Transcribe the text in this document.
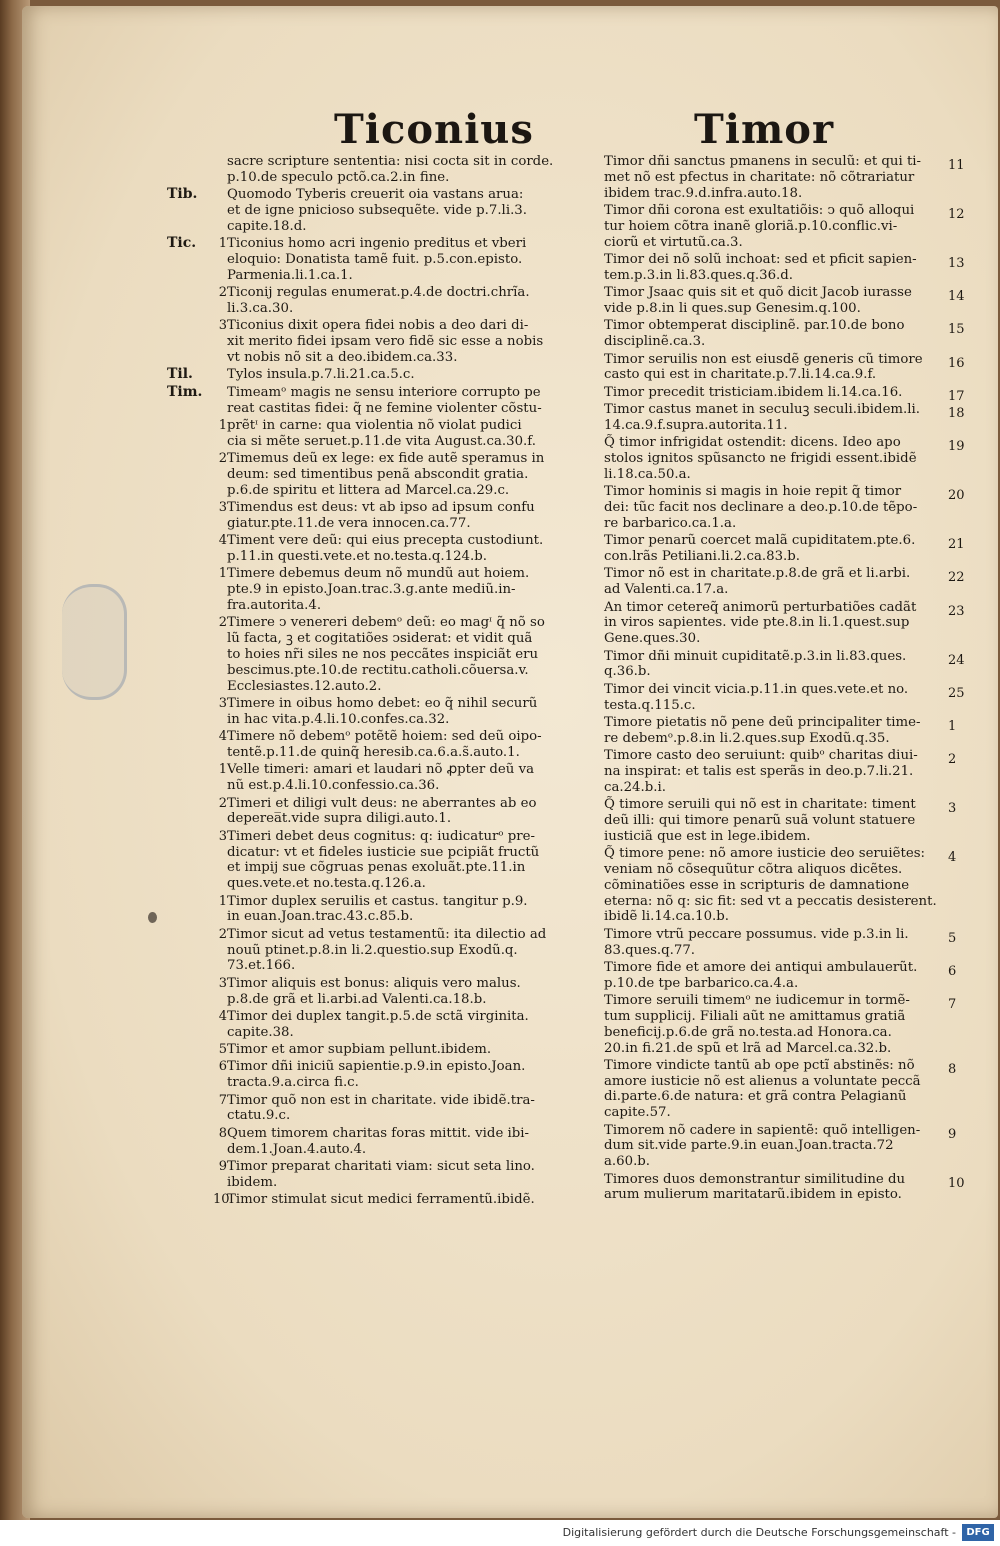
Ticonius	Timor
sacre scripture sententia: nisi cocta sit in corde.
p.10.de speculo pctõ.ca.2.in fine.
Tib.	Quomodo Tyberis creuerit oia vastans arua:
et de igne pnicioso subsequẽte. vide p.7.li.3.
capite.18.d.
Tic.	1 Ticonius homo acri ingenio preditus et vberi
eloquio: Donatista tamẽ fuit. p.5.con.episto.
Parmenia.li.1.ca.1.
2 Ticonij regulas enumerat.p.4.de doctri.chrĩa.
li.3.ca.30.
3 Ticonius dixit opera fidei nobis a deo dari di-
xit merito fidei ipsam vero fidẽ sic esse a nobis
vt nobis nõ sit a deo.ibidem.ca.33.
Til.	Tylos insula.p.7.li.21.ca.5.c.
Tim.	Timeamᵒ magis ne sensu interiore corrupto pe
reat castitas fidei: q̃ ne femine violenter cõstu-
1 prẽtᶦ in carne: qua violentia nõ violat pudici
cia si mẽte seruet.p.11.de vita August.ca.30.f.
2 Timemus deũ ex lege: ex fide autẽ speramus in
deum: sed timentibus penã abscondit gratia.
p.6.de spiritu et littera ad Marcel.ca.29.c.
3 Timendus est deus: vt ab ipso ad ipsum confu
giatur.pte.11.de vera innocen.ca.77.
4 Timent vere deũ: qui eius precepta custodiunt.
p.11.in questi.vete.et no.testa.q.124.b.
1 Timere debemus deum nõ mundũ aut hoiem.
pte.9 in episto.Joan.trac.3.g.ante mediũ.in-
fra.autorita.4.
2 Timere ↄ venereri debemᵒ deũ: eo magᶦ q̃ nõ so
lũ facta, ꝫ et cogitatiões ↄsiderat: et vidit quã
to hoies nr̃i siles ne nos peccãtes inspiciãt eru
bescimus.pte.10.de rectitu.catholi.cõuersa.v.
Ecclesiastes.12.auto.2.
3 Timere in oibus homo debet: eo q̃ nihil securũ
in hac vita.p.4.li.10.confes.ca.32.
4 Timere nõ debemᵒ potẽtẽ hoiem: sed deũ oipo-
tentẽ.p.11.de quinq̃ heresib.ca.6.a.s̃.auto.1.
1 Velle timeri: amari et laudari nõ ꝓpter deũ va
nũ est.p.4.li.10.confessio.ca.36.
2 Timeri et diligi vult deus: ne aberrantes ab eo
deperea̅t.vide supra diligi.auto.1.
3 Timeri debet deus cognitus: q: iudicaturᵒ pre-
dicatur: vt et fideles iusticie sue pcipiãt fructũ
et impij sue cõgruas penas exoluãt.pte.11.in
ques.vete.et no.testa.q.126.a.
1 Timor duplex seruilis et castus. tangitur p.9.
in euan.Joan.trac.43.c.85.b.
2 Timor sicut ad vetus testamentũ: ita dilectio ad
nouũ ptinet.p.8.in li.2.questio.sup Exodũ.q.
73.et.166.
3 Timor aliquis est bonus: aliquis vero malus.
p.8.de grã et li.arbi.ad Valenti.ca.18.b.
4 Timor dei duplex tangit.p.5.de sctã virginita.
capite.38.
5 Timor et amor supbiam pellunt.ibidem.
6 Timor dñi iniciũ sapientie.p.9.in episto.Joan.
tracta.9.a.circa fi.c.
7 Timor quõ non est in charitate. vide ibidẽ.tra-
ctatu.9.c.
8 Quem timorem charitas foras mittit. vide ibi-
dem.1.Joan.4.auto.4.
9 Timor preparat charitati viam: sicut seta lino.
ibidem.
10
Timor stimulat sicut medici ferramentũ.ibidẽ.
11
Timor dñi sanctus pmanens in seculũ: et qui ti-
met nõ est pfectus in charitate: nõ cõtrariatur
ibidem trac.9.d.infra.auto.18.
12
Timor dñi corona est exultatiõis: ↄ quõ alloqui
tur hoiem cõtra inanẽ gloriã.p.10.conflic.vi-
ciorũ et virtutũ.ca.3.
13
Timor dei nõ solũ inchoat: sed et pficit sapien-
tem.p.3.in li.83.ques.q.36.d.
14
Timor Jsaac quis sit et quõ dicit Jacob iurasse
vide p.8.in li ques.sup Genesim.q.100.
15
Timor obtemperat disciplinẽ. par.10.de bono
disciplinẽ.ca.3.
16
Timor seruilis non est eiusdẽ generis cũ timore
casto qui est in charitate.p.7.li.14.ca.9.f.
17
Timor precedit tristiciam.ibidem li.14.ca.16.
18
Timor castus manet in seculuꝫ seculi.ibidem.li.
14.ca.9.f.supra.autorita.11.
19
Q̃ timor infrigidat ostendit: dicens. Ideo apo
stolos ignitos spũsancto ne frigidi essent.ibidẽ
li.18.ca.50.a.
20
Timor hominis si magis in hoie repit q̃ timor
dei: tũc facit nos declinare a deo.p.10.de tẽpo-
re barbarico.ca.1.a.
21
Timor penarũ coercet malã cupiditatem.pte.6.
con.lrãs Petiliani.li.2.ca.83.b.
22
Timor nõ est in charitate.p.8.de grã et li.arbi.
ad Valenti.ca.17.a.
23
An timor cetereq̃ animorũ perturbatiões cadãt
in viros sapientes. vide pte.8.in li.1.quest.sup
Gene.ques.30.
24
Timor dñi minuit cupiditatẽ.p.3.in li.83.ques.
q.36.b.
25
Timor dei vincit vicia.p.11.in ques.vete.et no.
testa.q.115.c.
1
Timore pietatis nõ pene deũ principaliter time-
re debemᵒ.p.8.in li.2.ques.sup Exodũ.q.35.
2
Timore casto deo seruiunt: quibᵒ charitas diui-
na inspirat: et talis est sperãs in deo.p.7.li.21.
ca.24.b.i.
3
Q̃ timore seruili qui nõ est in charitate: timent
deũ illi: qui timore penarũ suã volunt statuere
iusticiã que est in lege.ibidem.
4
Q̃ timore pene: nõ amore iusticie deo seruiẽtes:
veniam nõ cõsequũtur cõtra aliquos dicẽtes.
cõminatiões esse in scripturis de damnatione
eterna: nõ q: sic fit: sed vt a peccatis desisterent.
ibidẽ li.14.ca.10.b.
5
Timore vtrũ peccare possumus. vide p.3.in li.
83.ques.q.77.
6
Timore fide et amore dei antiqui ambulauerũt.
p.10.de tpe barbarico.ca.4.a.
7
Timore seruili timemᵒ ne iudicemur in tormẽ-
tum supplicij. Filiali aũt ne amittamus gratiã
beneficij.p.6.de grã no.testa.ad Honora.ca.
20.in fi.21.de spũ et lrã ad Marcel.ca.32.b.
8
Timore vindicte tantũ ab ope pctĩ abstinẽs: nõ
amore iusticie nõ est alienus a voluntate peccã
di.parte.6.de natura: et grã contra Pelagianũ
capite.57.
9
Timorem nõ cadere in sapientẽ: quõ intelligen-
dum sit.vide parte.9.in euan.Joan.tracta.72
a.60.b.
10
Timores duos demonstrantur similitudine du
arum mulierum maritatarũ.ibidem in episto.
Digitalisierung gefördert durch die Deutsche Forschungsgemeinschaft -	DFG
